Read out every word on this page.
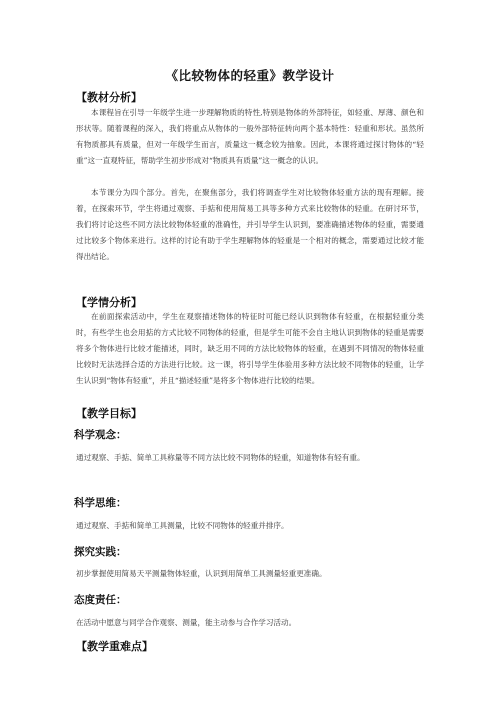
《比较物体的轻重》教学设计
【教材分析】

本课程旨在引导一年级学生进一步理解物质的特性,特别是物体的外部特征，如轻重、厚薄、颜色和形状等。随着课程的深入，我们将重点从物体的一般外部特征转向两个基本特性：轻重和形状。虽然所有物质都具有质量，但对一年级学生而言，质量这一概念较为抽象。因此，本课将通过探讨物体的“轻重”这一直观特征，帮助学生初步形成对“物质具有质量”这一概念的认识。

本节课分为四个部分。首先，在聚焦部分，我们将调查学生对比较物体轻重方法的现有理解。接着，在探索环节，学生将通过观察、手掂和使用简易工具等多种方式来比较物体的轻重。在研讨环节，我们将讨论这些不同方法比较物体轻重的准确性，并引导学生认识到，要准确描述物体的轻重，需要通过比较多个物体来进行。这样的讨论有助于学生理解物体的轻重是一个相对的概念，需要通过比较才能得出结论。

【学情分析】

在前面探索活动中，学生在观察描述物体的特征时可能已经认识到物体有轻重，在根据轻重分类时，有些学生也会用掂的方式比较不同物体的轻重，但是学生可能不会自主地认识到物体的轻重是需要将多个物体进行比较才能描述，同时，缺乏用不同的方法比较物体的轻重，在遇到不同情况的物体轻重比较时无法选择合适的方法进行比较。这一课，将引导学生体验用多种方法比较不同物体的轻重，让学生认识到“物体有轻重”，并且“描述轻重”是将多个物体进行比较的结果。

【教学目标】
科学观念：

通过观察、手掂、简单工具称量等不同方法比较不同物体的轻重，知道物体有轻有重。

科学思维：

通过观察、手掂和简单工具测量，比较不同物体的轻重并排序。

探究实践：

初步掌握使用简易天平测量物体轻重，认识到用简单工具测量轻重更准确。

态度责任：

在活动中愿意与同学合作观察、测量，能主动参与合作学习活动。

【教学重难点】
